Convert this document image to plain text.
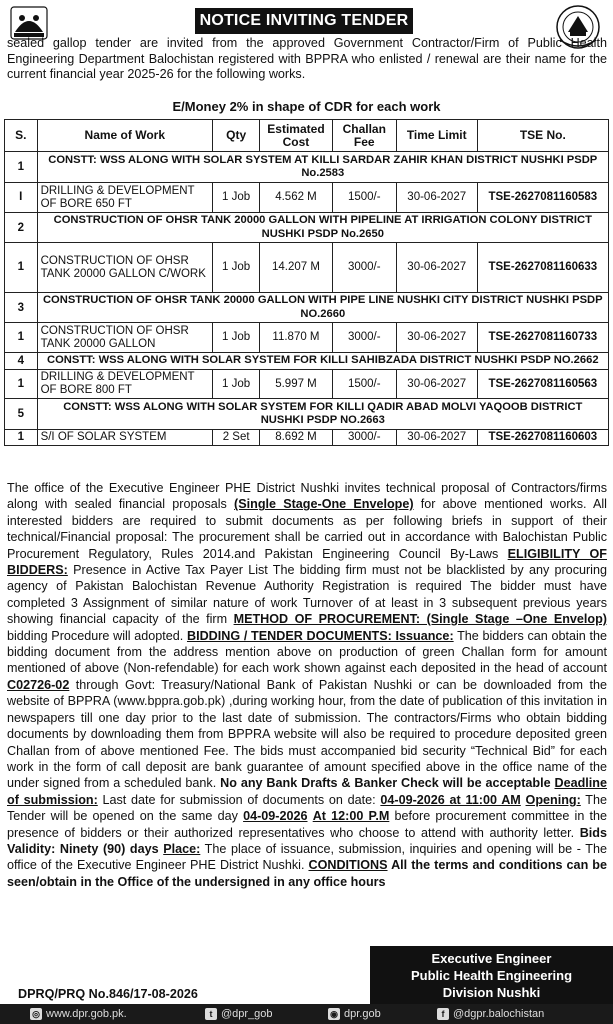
NOTICE INVITING TENDER
sealed gallop tender are invited from the approved Government Contractor/Firm of Public Health Engineering Department Balochistan registered with BPPRA who enlisted / renewal are their name for the current financial year 2025-26 for the following works.
E/Money 2% in shape of CDR for each work
S.	Name of Work	Qty	Estimated Cost	Challan Fee	Time Limit	TSE No.
1	CONSTT: WSS ALONG WITH SOLAR SYSTEM AT KILLI SARDAR ZAHIR KHAN DISTRICT NUSHKI PSDP No.2583					
I	DRILLING & DEVELOPMENT OF BORE 650 FT	1 Job	4.562 M	1500/-	30-06-2027	TSE-2627081160583
2	CONSTRUCTION OF OHSR TANK 20000 GALLON WITH PIPELINE AT IRRIGATION COLONY DISTRICT NUSHKI PSDP No.2650					
1	CONSTRUCTION OF OHSR TANK 20000 GALLON C/WORK	1 Job	14.207 M	3000/-	30-06-2027	TSE-2627081160633
3	CONSTRUCTION OF OHSR TANK 20000 GALLON WITH PIPE LINE NUSHKI CITY DISTRICT NUSHKI PSDP NO.2660					
1	CONSTRUCTION OF OHSR TANK 20000 GALLON	1 Job	11.870 M	3000/-	30-06-2027	TSE-2627081160733
4	CONSTT: WSS ALONG WITH SOLAR SYSTEM FOR KILLI SAHIBZADA DISTRICT NUSHKI PSDP NO.2662					
1	DRILLING & DEVELOPMENT OF BORE 800 FT	1 Job	5.997 M	1500/-	30-06-2027	TSE-2627081160563
5	CONSTT: WSS ALONG WITH SOLAR SYSTEM FOR KILLI QADIR ABAD MOLVI YAQOOB DISTRICT NUSHKI PSDP NO.2663					
1	S/I OF SOLAR SYSTEM	2 Set	8.692 M	3000/-	30-06-2027	TSE-2627081160603
The office of the Executive Engineer PHE District Nushki invites technical proposal of Contractors/firms along with sealed financial proposals (Single Stage-One Envelope) for above mentioned works. All interested bidders are required to submit documents as per following briefs in support of their technical/Financial proposal: The procurement shall be carried out in accordance with Balochistan Public Procurement Regulatory, Rules 2014.and Pakistan Engineering Council By-Laws ELIGIBILITY OF BIDDERS: Presence in Active Tax Payer List The bidding firm must not be blacklisted by any procuring agency of Pakistan Balochistan Revenue Authority Registration is required The bidder must have completed 3 Assignment of similar nature of work Turnover of at least in 3 subsequent previous years showing financial capacity of the firm METHOD OF PROCUREMENT: (Single Stage –One Envelop) bidding Procedure will adopted. BIDDING / TENDER DOCUMENTS: Issuance: The bidders can obtain the bidding document from the address mention above on production of green Challan form for amount mentioned of above (Non-refendable) for each work shown against each deposited in the head of account C02726-02 through Govt: Treasury/National Bank of Pakistan Nushki or can be downloaded from the website of BPPRA (www.bppra.gob.pk) ,during working hour, from the date of publication of this invitation in newspapers till one day prior to the last date of submission. The contractors/Firms who obtain bidding documents by downloading them from BPPRA website will also be required to procedure deposited green Challan from of above mentioned Fee. The bids must accompanied bid security “Technical Bid” for each work in the form of call deposit are bank guarantee of amount specified above in the office name of the under signed from a scheduled bank. No any Bank Drafts & Banker Check will be acceptable Deadline of submission: Last date for submission of documents on date: 04-09-2026 at 11:00 AM Opening: The Tender will be opened on the same day 04-09-2026 At 12:00 P.M before procurement committee in the presence of bidders or their authorized representatives who choose to attend with authority letter. Bids Validity: Ninety (90) days Place: The place of issuance, submission, inquiries and opening will be - The office of the Executive Engineer PHE District Nushki. CONDITIONS All the terms and conditions can be seen/obtain in the Office of the undersigned in any office hours
Executive Engineer
Public Health Engineering
Division Nushki
DPRQ/PRQ No.846/17-08-2026
◎ www.dpr.gob.pk.	t @dpr_gob	◉ dpr.gob	f @dgpr.balochistan
